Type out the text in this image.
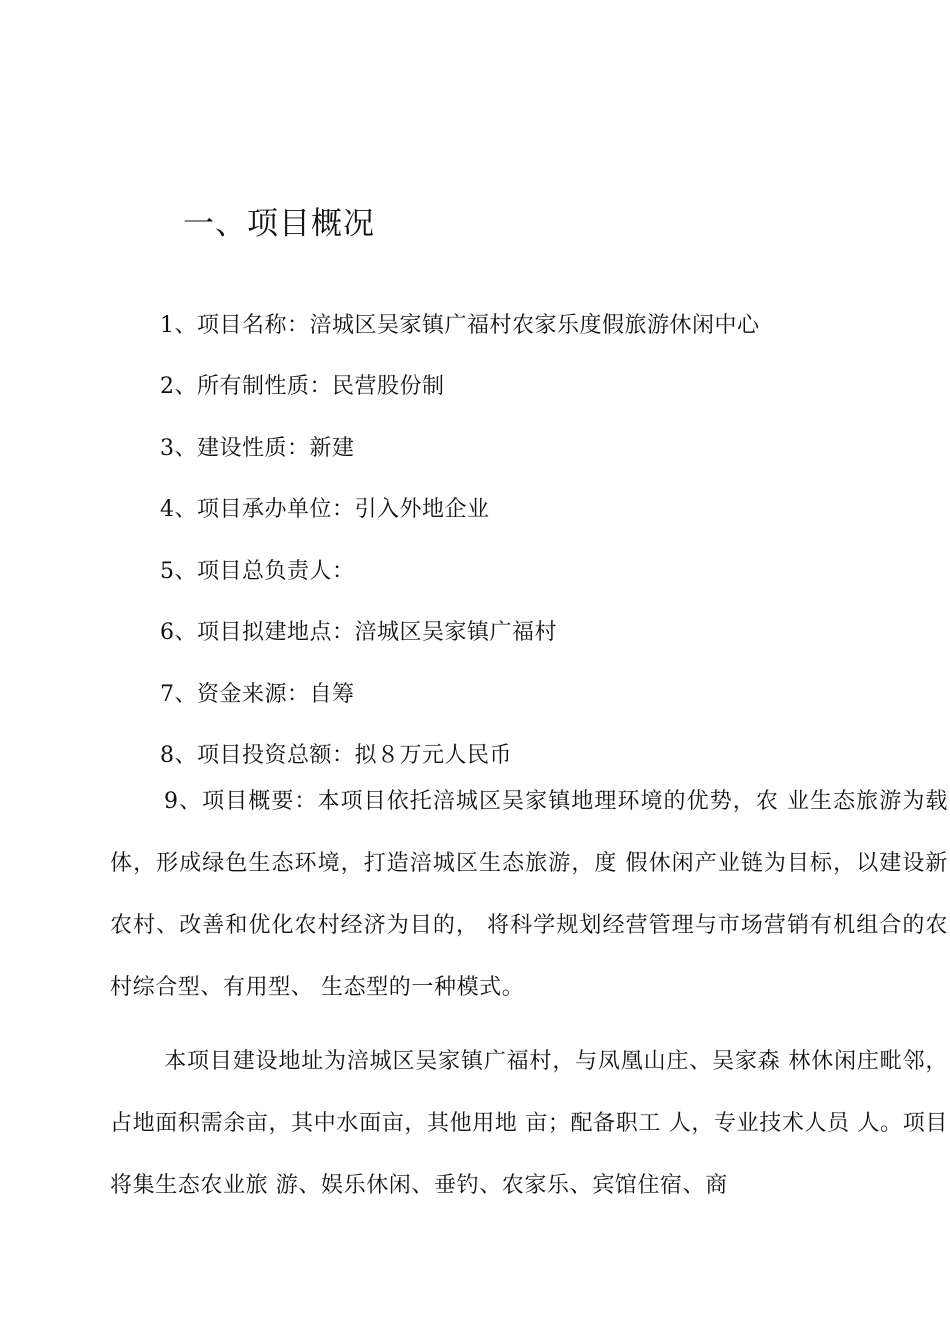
一、项目概况
1、项目名称：涪城区吴家镇广福村农家乐度假旅游休闲中心
2、所有制性质：民营股份制
3、建设性质：新建
4、项目承办单位：引入外地企业
5、项目总负责人：
6、项目拟建地点：涪城区吴家镇广福村
7、资金来源：自筹
8、项目投资总额：拟８万元人民币

9、项目概要：本项目依托涪城区吴家镇地理环境的优势，农 业生态旅游为载体，形成绿色生态环境，打造涪城区生态旅游，度 假休闲产业链为目标，以建设新农村、改善和优化农村经济为目的， 将科学规划经营管理与市场营销有机组合的农村综合型、有用型、 生态型的一种模式。

本项目建设地址为涪城区吴家镇广福村，与凤凰山庄、吴家森 林休闲庄毗邻，占地面积需余亩，其中水面亩，其他用地 亩；配备职工 人，专业技术人员 人。项目将集生态农业旅 游、娱乐休闲、垂钓、农家乐、宾馆住宿、商
